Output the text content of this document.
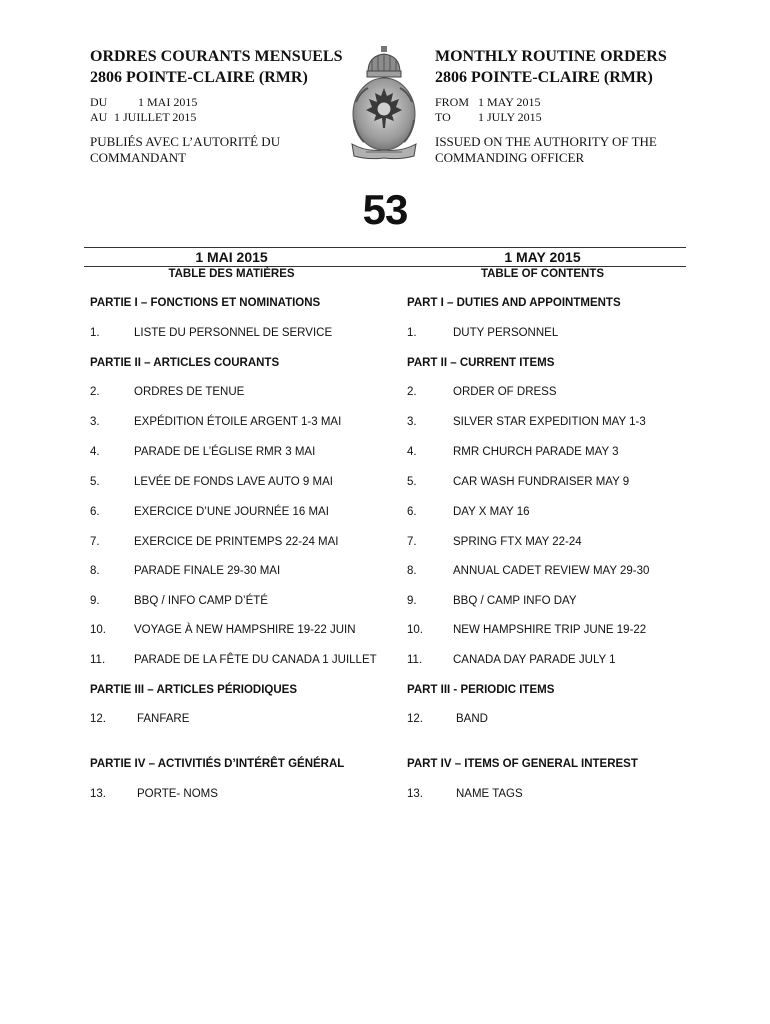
ORDRES COURANTS MENSUELS
2806 POINTE-CLAIRE (RMR)
DU	1 MAI 2015
AU 1 JUILLET 2015
PUBLIÉS AVEC L’AUTORITÉ DU
COMMANDANT
MONTHLY ROUTINE ORDERS
2806 POINTE-CLAIRE (RMR)
FROM 1 MAY 2015
TO	1 JULY 2015
ISSUED ON THE AUTHORITY OF THE
COMMANDING OFFICER
53
1 MAI 2015	1 MAY 2015
TABLE DES MATIÈRES	TABLE OF CONTENTS
PARTIE I – FONCTIONS ET NOMINATIONS	PART I – DUTIES AND APPOINTMENTS
1.	LISTE DU PERSONNEL DE SERVICE	1.	DUTY PERSONNEL
PARTIE II – ARTICLES COURANTS	PART II – CURRENT ITEMS
2.	ORDRES DE TENUE	2.	ORDER OF DRESS
3.	EXPÉDITION ÉTOILE ARGENT 1-3 MAI	3.	SILVER STAR EXPEDITION MAY 1-3
4.	PARADE DE L’ÉGLISE RMR 3 MAI	4.	RMR CHURCH PARADE MAY 3
5.	LEVÉE DE FONDS LAVE AUTO 9 MAI	5.	CAR WASH FUNDRAISER MAY 9
6.	EXERCICE D’UNE JOURNÉE 16 MAI	6.	DAY X MAY 16
7.	EXERCICE DE PRINTEMPS 22-24 MAI	7.	SPRING FTX MAY 22-24
8.	PARADE FINALE 29-30 MAI	8.	ANNUAL CADET REVIEW MAY 29-30
9.	BBQ / INFO CAMP D’ÉTÉ	9.	BBQ / CAMP INFO DAY
10. VOYAGE À NEW HAMPSHIRE 19-22 JUIN	10.	NEW HAMPSHIRE TRIP JUNE 19-22
11.	PARADE DE LA FÊTE DU CANADA 1 JUILLET	11.	CANADA DAY PARADE JULY 1
PARTIE III – ARTICLES PÉRIODIQUES	PART III - PERIODIC ITEMS
12.	FANFARE	12.	BAND
PARTIE IV – ACTIVITIÉS D’INTÉRÊT GÉNÉRAL	PART IV – ITEMS OF GENERAL INTEREST
13.	PORTE- NOMS	13.	NAME TAGS
